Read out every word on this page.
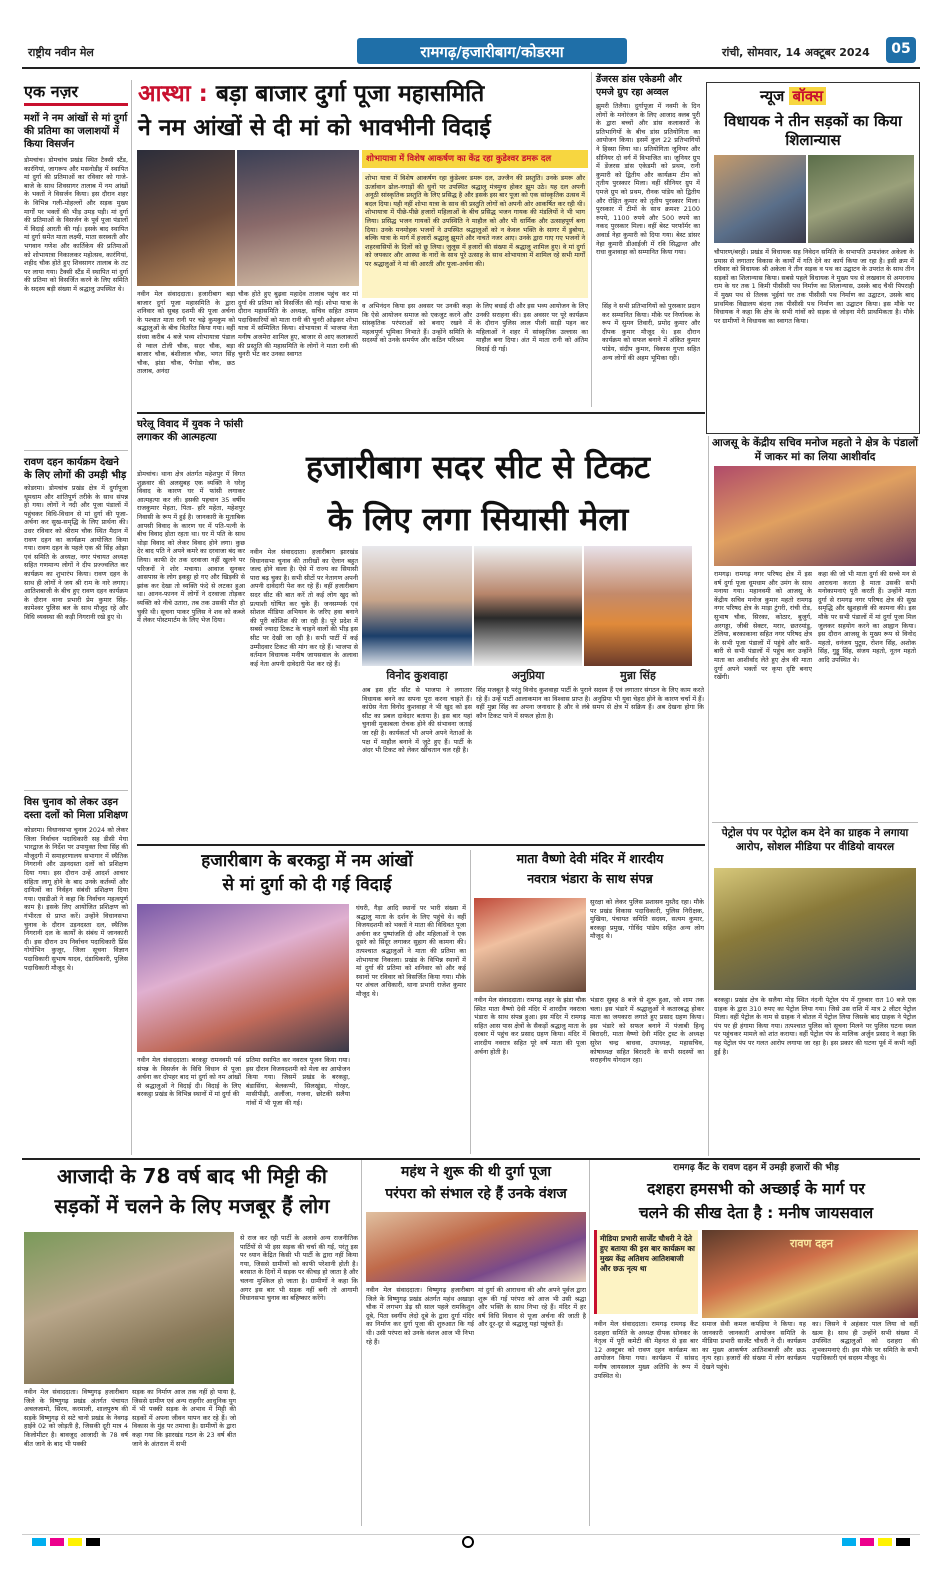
राष्ट्रीय नवीन मेल	रामगढ़/हजारीबाग/कोडरमा	रांची, सोमवार, 14 अक्टूबर 2024	05
एक नज़र
मशों ने नम आंखों से मां दुर्गा की प्रतिमा का जलाशयों में किया विसर्जन
डोमचांच। डोमचांच प्रखंड स्थित टैक्सी स्टैंड, कारंगियां, जागरूप और मसनोडीह में स्थापित मां दुर्गा की प्रतिमाओं का रविवार को गाजे-बाजे के साथ शिवसागर तालाब में नम आंखों के भक्तों ने विसर्जन किया। इस दौरान शहर के विभिन्न गली-मोहल्लों और सड़क मुख्य मार्गों पर भक्तों की भीड़ उमड़ पड़ी। मां दुर्गा की प्रतिमाओं के विसर्जन के पूर्व पूजा पंडालों में विदाई आरती की गई। इसके बाद स्थापित मां दुर्गा समेत माता लक्ष्मी, माता सरस्वती और भगवान गणेश और कार्तिकेय की प्रतिमाओं को शोभायात्रा निकालकर महोत्सव, कारंगियां, शहीद चौक होते हुए शिवसागर तालाब के तट पर लाया गया। टैक्सी स्टैंड में स्थापित मां दुर्गा की प्रतिमा को विसर्जित करने के लिए समिति के सदस्य बड़ी संख्या में श्रद्धालु उपस्थित थे।
रावण दहन कार्यक्रम देखने के लिए लोगों की उमड़ी भीड़
कोडरमा। डोमचांच प्रखंड क्षेत्र में दुर्गापूजा धूमधाम और शांतिपूर्ण तरीके के साथ संपन्न हो गया। लोगों ने नदी और पूजा पंडालों में पहुंचकर विधि-विधान से मां दुर्गा की पूजा-अर्चना कर सुख-समृद्धि के लिए प्रार्थना की। उधर रविवार को श्रीराम चौक स्थित मैदान में रावण दहन का कार्यक्रम आयोजित किया गया। रावण दहन के पहले एक श्री सिंह ओझा एवं समिति के अध्यक्ष, नगर पंचायत अध्यक्ष सहित गणमान्य लोगों ने दीप प्रज्ज्वलित कर कार्यक्रम का शुभारंभ किया। रावण दहन के साथ ही लोगों ने जय श्री राम के नारे लगाए। आतिशबाजी के बीच हुए रावण दहन कार्यक्रम के दौरान थाना प्रभारी प्रेम कुमार सिंह-कामेश्वर पुलिस बल के साथ मौजूद रहे और विधि व्यवस्था की कड़ी निगरानी रखे हुए थे।
विस चुनाव को लेकर उड़न दस्ता दलों को मिला प्रशिक्षण
कोडरमा। विधानसभा चुनाव 2024 को लेकर जिला निर्वाचन पदाधिकारी सह डीसी मेघा भारद्वाज के निर्देश पर उपायुक्त रिचा सिंह की मौजूदगी में समाहरणालय सभागार में स्थैतिक निगरानी और उड़नदस्ता दलों को प्रशिक्षण दिया गया। इस दौरान उन्हें आदर्श आचार संहिता लागू होने के बाद उनके कर्तव्यों और दायित्वों का निर्वहन संबंधी प्रशिक्षण दिया गया। एसडीओ ने कहा कि निर्वाचन महत्वपूर्ण काम है। इसके लिए आयोजित प्रशिक्षण को गंभीरता से प्राप्त करें। उन्होंने विधानसभा चुनाव के दौरान उड़नदस्ता दल, स्थैतिक निगरानी दल के कार्यों के संबंध में जानकारी दी। इस दौरान उप निर्वाचन पदाधिकारी प्रिंस गोगोभिन कुजूर, जिला सूचना विज्ञान पदाधिकारी सुभाष यादव, दंडाधिकारी, पुलिस पदाधिकारी मौजूद थे।
आस्था : बड़ा बाजार दुर्गा पूजा महासमिति
ने नम आंखों से दी मां को भावभीनी विदाई
शोभायात्रा में विशेष आकर्षण का केंद्र रहा कुडेश्वर डमरू दल
शोभा यात्रा में विशेष आकर्षण रहा कुंडेश्वर डमरू दल, उज्जैन की प्रस्तुति। उनके डमरू और ऊर्जावान ढोल-नगाड़ों की धुनों पर उपस्थित श्रद्धालु मंत्रमुग्ध होकर झूम उठे। यह दल अपनी अनूठी सांस्कृतिक प्रस्तुति के लिए प्रसिद्ध है और इसके इस बार पूजा को एक सांस्कृतिक उत्सव में बदल दिया। यही नहीं शोभा यात्रा के साथ की प्रस्तुति लोगों को अपनी ओर आकर्षित कर रही थी। शोभायात्रा में पीछे-पीछे हजारों महिलाओं के बीच प्रसिद्ध भजन गायक की मंडलियों ने भी भाग लिया। प्रसिद्ध भजन गायकों की उपस्थिति ने माहौल को और भी धार्मिक और उत्साहपूर्ण बना दिया। उनके मनमोहक भजनों ने उपस्थित श्रद्धालुओं को न केवल भक्ति के सागर में डुबोया, बल्कि यात्रा के मार्ग में हजारों श्रद्धालु झूमते और नाचते नजर आए। उनके द्वारा गाए गए भजनों ने शहरवासियों के दिलों को छू लिया। जुलूस में हजारों की संख्या में श्रद्धालु शामिल हुए। वे मां दुर्गा को जयकार और आस्था के नारों के साथ पूरे उत्साह के साथ शोभायात्रा में शामिल रहे सभी मार्गों पर श्रद्धालुओं ने मां की आरती और पूजा-अर्चना की।
नवीन मेल संवाददाता। हजारीबाग बड़ा बाजार दुर्गा पूजा महासमिति के द्वारा शनिवार को सुबह दशमी की पूजा अर्चना के पश्चात माता रानी पर चढ़े कुमकुम को श्रद्धालुओं के बीच वितरित किया गया। वहीं संध्या करीब 4 बजे भव्य शोभायात्रा पंडाल से ग्वाल टोली चौक, सदर चौक, बड़ा बाजार चौक, बंशीलाल चौक, भगत सिंह चौक, झंडा चौक, पैगोडा चौक, छठ तालाब, अनंदा
चौक होते हुए बुढ़वा महादेव तालाब पहुंच कर मां दुर्गा की प्रतिमा को विसर्जित की गई। शोभा यात्रा के दौरान महासमिति के अध्यक्ष, सचिव सहित तमाम पदाधिकारियों को माता रानी की चुनरी ओढ़कर शोभा यात्रा में सम्मिलित किया। शोभायात्रा में भाजपा नेता मनीष अजमेरा शामिल हुए, बाजार से आए कलाकारों की प्रस्तुति की महासमिति के लोगों ने माता रानी की चुनरी भेंट कर उनका स्वागत
व अभिनंदन किया इस अवसर पर उनकी कहा कि ऐसे आयोजन समाज को एकजुट करने और सांस्कृतिक परंपराओं को बनाए रखने में महत्वपूर्ण भूमिका निभाते हैं। उन्होंने समिति के सदस्यों को उनके समर्पण और कठिन परिश्रम
के लिए बधाई दी और इस भव्य आयोजन के लिए उनकी सराहना की। इस अवसर पर पूरे कार्यक्रम के दौरान पुलिस लाल पीली साड़ी पहन कर महिलाओं ने शहर में सांस्कृतिक उल्लास का माहौल बना दिया। अंत में माता रानी को अंतिम विदाई दी गई।
डेंजरस डांस एकेडमी और एमजे ग्रुप रहा अव्वल
झुमरी तिलैया। दुर्गापूजा में नवमी के दिन लोगों के मनोरंजन के लिए आजाद क्लब पुरी के द्वारा बच्चों और डांस कलाकारों के प्रतिभागियों के बीच डांस प्रतियोगिता का आयोजन किया। इसमें कुल 22 प्रतिभागियों ने हिस्सा लिया था। प्रतियोगिता जूनियर और सीनियर दो वर्ग में विभाजित था। जूनियर ग्रुप में डेंजरस डांस एकेडमी को प्रथम, रानी कुमारी को द्वितीय और कार्यक्रम टीम को तृतीय पुरस्कार मिला। वहीं सीनियर ग्रुप में एमजे ग्रुप को प्रथम, रौनक पांडेय को द्वितीय और रोहित कुमार को तृतीय पुरस्कार मिला। पुरस्कार में टीमों के साथ क्रमशः 2100 रुपये, 1100 रुपये और 500 रुपये का नकद पुरस्कार मिला। वहीं बेस्ट परफॉर्मर का अवार्ड नेहा कुमारी को दिया गया। बेस्ट डांसर नेहा कुमारी डीआईजी में रवि सिद्धान्त और राधा कुशवाहा को सम्मानित किया गया।
सिंह ने सभी प्रतिभागियों को पुरस्कार प्रदान कर सम्मानित किया। मौके पर निर्णायक के रूप में सुमन तिवारी, प्रमोद कुमार और दीपक कुमार मौजूद थे। इस दौरान कार्यक्रम को सफल बनाने में अंकित कुमार पांडेय, संदीप कुमार, विकास गुप्ता सहित अन्य लोगों की अहम भूमिका रही।
न्यूज बॉक्स
विधायक ने तीन सड़कों का किया शिलान्यास
चौपारण/बरही। प्रखंड में विधायक सह निवेदन समिति के सभापति उमाशंकर अकेला के प्रयास से लगातार विकास के कार्यों में गति देने का कार्य किया जा रहा है। इसी क्रम में रविवार को विधायक श्री अकेला ने तीन सड़क व पथ का उद्घाटन के उपरांत के साथ तीन सड़कों का शिलान्यास किया। सबसे पहले विधायक ने मुख्य पथ से लखवान से अमरनाथ राम के घर तक 1 किमी पीसीसी पथ निर्माण का शिलान्यास, उसके बाद चैथी पिपराही में मुख्य पथ से तिलक भुईयां घर तक पीसीसी पथ निर्माण का उद्घाटन, उसके बाद प्राथमिक विद्यालय बंदना तक पीसीसी पथ निर्माण का उद्घाटन किया। इस मौके पर विधायक ने कहा कि क्षेत्र के सभी गांवों को सड़क से जोड़ना मेरी प्राथमिकता है। मौके पर ग्रामीणों ने विधायक का स्वागत किया।
आजसू के केंद्रीय सचिव मनोज महतो ने क्षेत्र के पंडालों में जाकर मां का लिया आशीर्वाद
रामगढ़। रामगढ़ नगर परिषद क्षेत्र में इस वर्ष दुर्गा पूजा धूमधाम और उमंग के साथ मनाया गया। महानवमी को आजसू के केंद्रीय सचिव मनोज कुमार महतो रामगढ़ नगर परिषद क्षेत्र के माड़ा टुंगरी, रांची रोड, सुभाष चौक, सिरका, कोठार, बुजुर्ग, अरगड्डा, जीबी सेक्टर, मरार, छतरमांडू, टेलिया, बरकाकाना सहित नगर परिषद क्षेत्र के सभी पूजा पंडालों में पहुंचे और बारी-बारी से सभी पंडालों में पहुंच कर उन्होंने माता का आशीर्वाद लेते हुए क्षेत्र की माता दुर्गा अपने भक्तों पर कृपा दृष्टि बनाए रखेंगी।
कहा की जो भी माता दुर्गा की सच्चे मन से आराधना करता है माता उसकी सभी मनोकामनाएं पूरी करती हैं। उन्होंने माता दुर्गा से रामगढ़ नगर परिषद क्षेत्र की सुख समृद्धि और खुशहाली की कामना की। इस मौके पर सभी पंडालों में मां दुर्गा पूजा मिल जुलकर सहयोग करने का आह्वान किया। इस दौरान आजसू के मुख्य रूप से विनोद महतो, धनंजय पुटूस, रोशन सिंह, अशोक सिंह, गुड्डू सिंह, संजय महतो, नूतन महतो आदि उपस्थित थे।
पेट्रोल पंप पर पेट्रोल कम देने का ग्राहक ने लगाया आरोप, सोशल मीडिया पर वीडियो वायरल
बरकट्ठा। प्रखंड क्षेत्र के सलैया मोड़ स्थित नंदनी पेट्रोल पंप में गुरुवार रात 10 बजे एक ग्राहक के द्वारा 310 रुपए का पेट्रोल लिया गया। जिसे उस राशि में मात्र 2 लीटर पेट्रोल मिला। वहीं पेट्रोल के नाम से ग्राहक ने बोतल में पेट्रोल लिया जिसके बाद ग्राहक ने पेट्रोल पंप पर ही हंगामा किया गया। तत्पश्चात पुलिस को सूचना मिलने पर पुलिस घटना स्थल पर पहुंचकर मामले को शांत कराया। वहीं पेट्रोल पंप के मालिक अर्जुन प्रसाद ने कहा कि यह पेट्रोल पंप पर गलत आरोप लगाया जा रहा है। इस प्रकार की घटना पूर्व में कभी नहीं हुई है।
घरेलू विवाद में युवक ने फांसी लगाकर की आत्महत्या
डोमचांच। थाना क्षेत्र अंतर्गत महेशपुर में विगत शुक्रवार की अलसुबह एक व्यक्ति ने घरेलू विवाद के कारण घर में फांसी लगाकर आत्महत्या कर ली। इसकी पहचान 35 वर्षीय राजकुमार मेहता, पिता- हरि महेता, महेशपुर निवासी के रूप में हुई है। जानकारी के मुताबिक आपसी विवाद के कारण घर में पति-पत्नी के बीच विवाद होता रहता था। घर में पति के साथ थोड़ा विवाद को लेकर विवाद होने लगा। कुछ देर बाद पति ने अपने कमरे का दरवाजा बंद कर लिया। काफी देर तक दरवाजा नहीं खुलने पर परिजनों ने शोर मचाया। आवाज सुनकर आसपास के लोग इकट्ठा हो गए और खिड़की से झांक कर देखा तो व्यक्ति फंदे से लटका हुआ था। आनन-फानन में लोगों ने दरवाजा तोड़कर व्यक्ति को नीचे उतारा, तब तक उसकी मौत हो चुकी थी। सूचना पाकर पुलिस ने शव को कब्जे में लेकर पोस्टमार्टम के लिए भेज दिया।
हजारीबाग सदर सीट से टिकट
के लिए लगा सियासी मेला
नवीन मेल संवाददाता। हजारीबाग झारखंड विधानसभा चुनाव की तारीखों का ऐलान बहुत जल्द होने वाला है। ऐसे में राज्य का सियासी पारा बढ़ चुका है। सभी सीटों पर नेतागण अपनी अपनी दावेदारी पेश कर रहे हैं। वहीं हजारीबाग सदर सीट की बात करें तो कई लोग खुद को प्रत्याशी घोषित कर चुके हैं। जनसम्पर्क एवं सोशल मीडिया अभियान के जरिए हवा बनाने की पूरी कोशिश की जा रही है। पूरे प्रदेश में सबसे ज्यादा टिकट के चाहने वालों की भीड़ इस सीट पर देखी जा रही है। सभी पार्टी में कई उम्मीदवार टिकट की मांग कर रहे हैं। भाजपा से वर्तमान विधायक मनीष जायसवाल के अलावा कई नेता अपनी दावेदारी पेश कर रहे हैं।
विनोद कुशवाहा	अनुप्रिया	मुन्ना सिंह
अब इस हॉट सीट से भाजपा ने लगातार विधायक बनने का सपना पूरा करना चाहते हैं। कांग्रेस नेता विनोद कुशवाहा ने भी खुद को इस सीट का प्रबल दावेदार बताया है। इस बार यहां चुनावी मुकाबला रोचक होने की संभावना जताई जा रही है। कार्यकर्ता भी अपने अपने नेताओं के पक्ष में माहौल बनाने में जुटे हुए हैं। पार्टी के अंदर भी टिकट को लेकर खींचतान चल रही है।
सिंह मजबूत है परंतु विनोद कुशवाहा पार्टी के पुराने सदस्य हैं एवं लगातार संगठन के लिए काम करते रहे हैं। उन्हें पार्टी आलाकमान का विश्वास प्राप्त है। अनुप्रिया भी युवा चेहरा होने के कारण चर्चा में हैं। वहीं मुन्ना सिंह का अपना जनाधार है और वे लंबे समय से क्षेत्र में सक्रिय हैं। अब देखना होगा कि कौन टिकट पाने में सफल होता है।
हजारीबाग के बरकट्ठा में नम आंखों
से मां दुर्गा को दी गई विदाई
नवीन मेल संवाददाता। बरकट्ठा रामनवमी पर्व संपन्न के विसर्जन के विधि विधान से पूजा अर्चना कर दोपहर बाद मां दुर्गा को नम आंखों से श्रद्धालुओं ने विदाई दी। विदाई के लिए बरकट्ठा प्रखंड के विभिन्न स्थानों में मां दुर्गा की
प्रतिमा स्थापित कर नवरात्र पूजन किया गया। इस दौरान विजयदशमी को मेला का आयोजन किया गया। जिसमें प्रखंड के बरकट्ठा, बंडासिंघा, बेलकप्पी, सिलखुंडा, गोरहर, मासीपीढ़ी, अलौंजा, गजना, छोटकी सलैया गांवों में भी पूजा की गई।
घंघरी, गैड़ा आदि स्थानों पर भारी संख्या में श्रद्धालु माता के दर्शन के लिए पहुंचे थे। वहीं विजयदशमी को भक्तों ने माता की विधिवत पूजा अर्चना कर पुष्पांजलि दी और महिलाओं ने एक दूसरे को सिंदूर लगाकर सुहाग की कामना की। तत्पश्चात श्रद्धालुओं ने माता की प्रतिमा का शोभायात्रा निकाला। प्रखंड के विभिन्न स्थानों में मां दुर्गा की प्रतिमा को शनिवार को और कई स्थानों पर रविवार को विसर्जित किया गया। मौके पर अंचल अधिकारी, थाना प्रभारी राजेश कुमार मौजूद थे।
माता वैष्णो देवी मंदिर में शारदीय
नवरात्र भंडारा के साथ संपन्न
नवीन मेल संवाददाता। रामगढ़ शहर के झंडा चौक स्थित माता वैष्णो देवी मंदिर में शारदीय नवरात्रा भंडारा के साथ संपन्न हुआ। इस मंदिर में रामगढ़ सहित आस पास क्षेत्रों के सैकड़ों श्रद्धालु माता के दरबार में पहुंच कर प्रसाद ग्रहण किया। मंदिर में शारदीय नवरात्र सहित पूरे वर्ष माता की पूजा अर्चना होती है।
भंडारा सुबह 8 बजे से शुरू हुआ, जो शाम तक चला। इस भंडारे में श्रद्धालुओं ने कतारबद्ध होकर माता का जयकारा लगाते हुए प्रसाद ग्रहण किया। इस भंडारे को सफल बनाने में पंजाबी हिन्दू बिरादरी, माता वैष्णो देवी मंदिर ट्रस्ट के अध्यक्ष सुरेश चन्द्र बाधवा, उपाध्यक्ष, महासचिव, कोषाध्यक्ष सहित बिरादरी के सभी सदस्यों का सराहनीय योगदान रहा।
सुरक्षा को लेकर पुलिस प्रशासन मुस्तैद रहा। मौके पर प्रखंड विकास पदाधिकारी, पुलिस निरीक्षक, मुखिया, पंचायत समिति सदस्य, सत्यम कुमार, बरकट्ठा प्रमुख, गोविंद पांडेय सहित अन्य लोग मौजूद थे।
आजादी के 78 वर्ष बाद भी मिट्टी की
सड़कों में चलने के लिए मजबूर हैं लोग
नवीन मेल संवाददाता। विष्णुगढ़ हजारीबाग जिले के विष्णुगढ़ प्रखंड अंतर्गत पंचायत अचलजामो, सिरय, करमाली, शालपुरुष की सड़कें विष्णुगढ़ से सटे चानो प्रखंड के नेवगढ़ हाईवे 02 को जोड़ती है, जिसकी दूरी मात्र 4 किलोमीटर है। बावजूद आजादी के 78 वर्ष बीत जाने के बाद भी पक्की
सड़क का निर्माण आज तक नहीं हो पाया है, जिससे ग्रामीण एवं अन्य राहगीर आधुनिक युग में भी पक्की सड़क के अभाव में मिट्टी की सड़कों में अपना जीवन यापन कर रहे हैं। जो विकास के मुंह पर तमाचा है। ग्रामीणों के द्वारा कहा गया कि झारखंड गठन के 23 वर्ष बीत जाने के अंतराल में सभी
से राज कर रही पार्टी के अलावे अन्य राजनीतिक पार्टियों से भी इस सड़क की चर्चा की गई, परंतु इस पर ध्यान केंद्रित किसी भी पार्टी के द्वारा नहीं किया गया, जिससे ग्रामीणों को काफी परेशानी होती है। बरसात के दिनों में सड़क पर कीचड़ हो जाता है और चलना मुश्किल हो जाता है। ग्रामीणों ने कहा कि अगर इस बार भी सड़क नहीं बनी तो आगामी विधानसभा चुनाव का बहिष्कार करेंगे।
महंथ ने शुरू की थी दुर्गा पूजा
परंपरा को संभाल रहे हैं उनके वंशज
नवीन मेल संवाददाता। विष्णुगढ़ हजारीबाग जिले के विष्णुगढ़ प्रखंड अंतर्गत महंथ अखाड़ा चौक में लगभग डेढ़ सौ साल पहले रामकिशुन दूबे, पिता स्वर्गीय लेदो दूबे के द्वारा दुर्गा मंदिर का निर्माण कर दुर्गा पूजा की शुरुआत कि गई थी। उसी परंपरा को उनके वंशज आज भी निभा रहे हैं।
मां दुर्गा की आराधना की और अपने पूर्वज द्वारा शुरू की गई परंपरा को आज भी उसी श्रद्धा और भक्ति के साथ निभा रहे हैं। मंदिर में हर वर्ष विधि विधान से पूजा अर्चना की जाती है और दूर-दूर से श्रद्धालु यहां पहुंचते हैं।
रामगढ़ कैंट के रावण दहन में उमड़ी हजारों की भीड़
दशहरा हमसभी को अच्छाई के मार्ग पर
चलने की सीख देता है : मनीष जायसवाल
मीडिया प्रभारी सार्जेंट चौधरी ने देते हुए बताया की इस बार कार्यक्रम का मुख्य केंद्र अतिशय आतिशबाजी और छऊ नृत्य था
रावण दहन
नवीन मेल संवाददाता। रामगढ़ रामगढ़ कैंट दशहरा समिति के अध्यक्ष दीपक सोनकर के नेतृत्व में पूरी कमेटी की मेहनत से इस बार 12 अक्टूबर को रावण दहन कार्यक्रम का आयोजन किया गया। कार्यक्रम में सांसद मनीष जायसवाल मुख्य अतिथि के रूप में उपस्थित थे।
समाज सेवी कमल कपड़िया ने किया। यह जानकारी जानकारी आयोजन समिति के मीडिया प्रभारी सार्जेंट चौधरी ने दी। कार्यक्रम का मुख्य आकर्षण आतिशबाजी और छऊ नृत्य रहा। हजारों की संख्या में लोग कार्यक्रम देखने पहुंचे।
का। जिसने ये अहंकार पाल लिया वो वहीं खत्म है। साथ ही उन्होंने सभी संख्या में उपस्थित श्रद्धालुओं को दशहरा की शुभकामनाएं दी। इस मौके पर समिति के सभी पदाधिकारी एवं सदस्य मौजूद थे।
